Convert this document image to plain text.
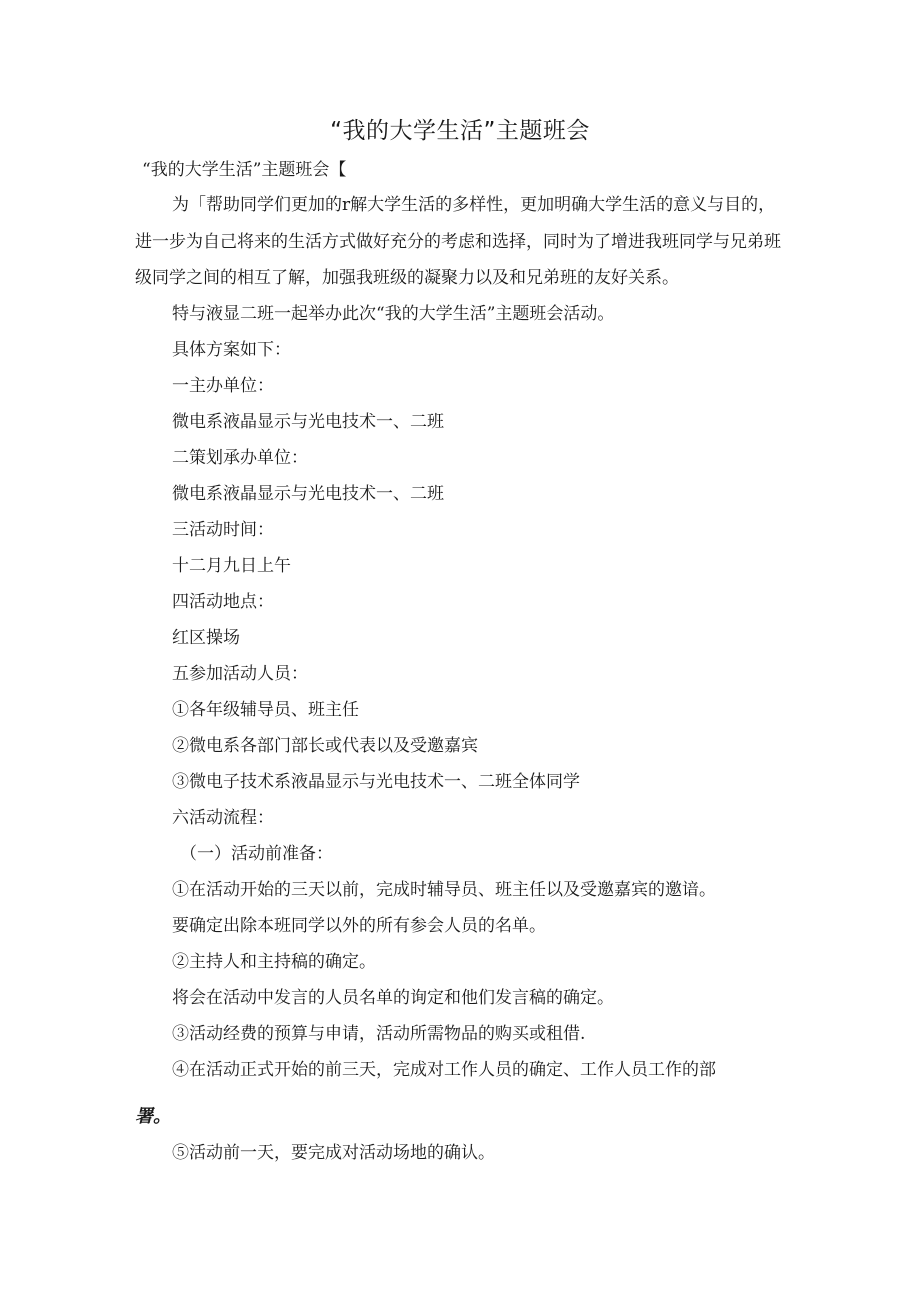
“我的大学生活”主题班会

“我的大学生活”主题班会【

为「帮助同学们更加的r解大学生活的多样性，更加明确大学生活的意义与目的，

进一步为自己将来的生活方式做好充分的考虑和选择，同时为了增进我班同学与兄弟班

级同学之间的相互了解，加强我班级的凝聚力以及和兄弟班的友好关系。

特与液显二班一起举办此次“我的大学生活”主题班会活动。

具体方案如下：

一主办单位：

微电系液晶显示与光电技术一、二班

二策划承办单位：

微电系液晶显示与光电技术一、二班

三活动时间：

十二月九日上午

四活动地点：

红区操场

五参加活动人员：

①各年级辅导员、班主任

②微电系各部门部长或代表以及受邀嘉宾

③微电子技术系液晶显示与光电技术一、二班全体同学

六活动流程：

（一）活动前准备：

①在活动开始的三天以前，完成时辅导员、班主任以及受邀嘉宾的邀谙。

要确定出除本班同学以外的所有参会人员的名单。

②主持人和主持稿的确定。

将会在活动中发言的人员名单的询定和他们发言稿的确定。

③活动经费的预算与申请，活动所需物品的购买或租借.

④在活动正式开始的前三天，完成对工作人员的确定、工作人员工作的部

署。

⑤活动前一天，要完成对活动场地的确认。
